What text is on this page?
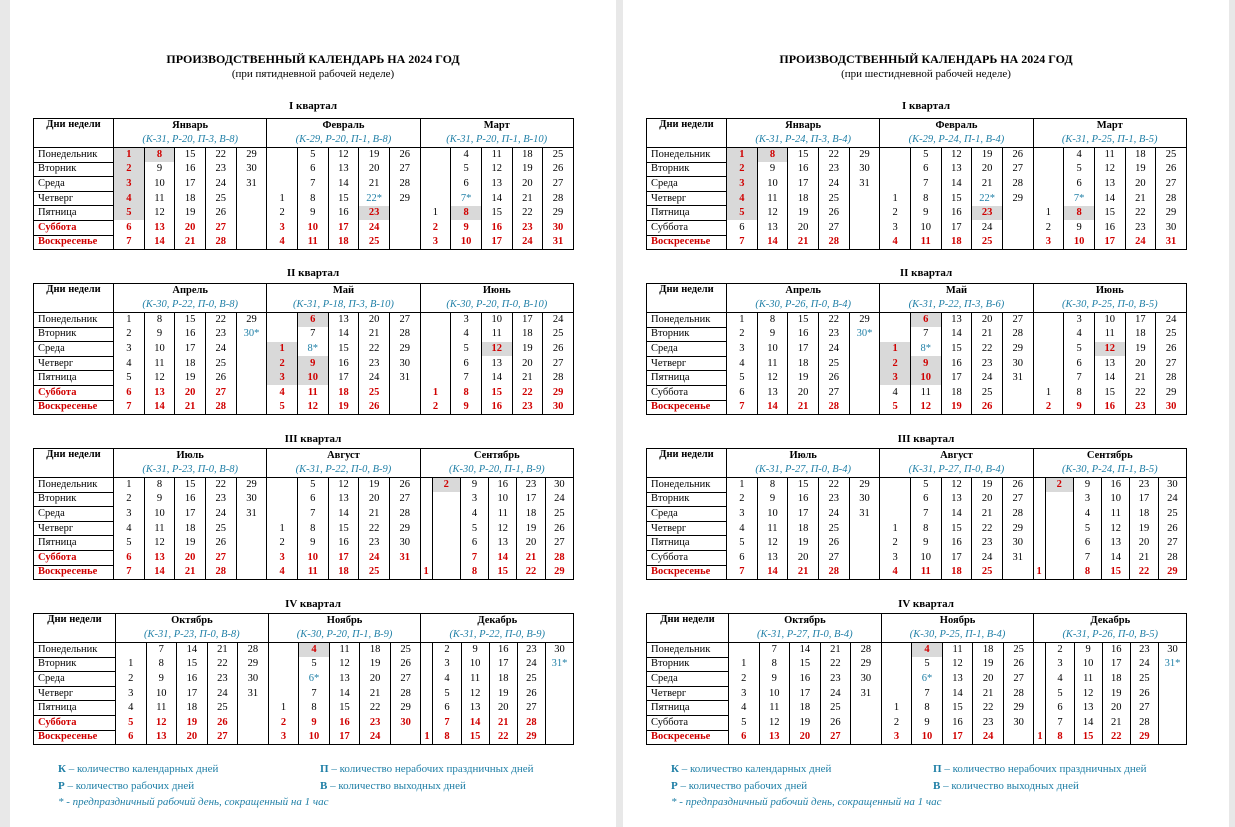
ПРОИЗВОДСТВЕННЫЙ КАЛЕНДАРЬ НА 2024 ГОД
(при пятидневной рабочей неделе)
I квартал
Дни недели	Январь					Февраль					Март				
	(К-31, Р-20, П-3, В-8)					(К-29, Р-20, П-1, В-8)					(К-31, Р-20, П-1, В-10)				
Понедельник	1	8	15	22	29		5	12	19	26		4	11	18	25
Вторник	2	9	16	23	30		6	13	20	27		5	12	19	26
Среда	3	10	17	24	31		7	14	21	28		6	13	20	27
Четверг	4	11	18	25		1	8	15	22*	29		7*	14	21	28
Пятница	5	12	19	26		2	9	16	23		1	8	15	22	29
Суббота	6	13	20	27		3	10	17	24		2	9	16	23	30
Воскресенье	7	14	21	28		4	11	18	25		3	10	17	24	31
II квартал
Дни недели	Апрель					Май					Июнь				
	(К-30, Р-22, П-0, В-8)					(К-31, Р-18, П-3, В-10)					(К-30, Р-20, П-0, В-10)				
Понедельник	1	8	15	22	29		6	13	20	27		3	10	17	24
Вторник	2	9	16	23	30*		7	14	21	28		4	11	18	25
Среда	3	10	17	24		1	8*	15	22	29		5	12	19	26
Четверг	4	11	18	25		2	9	16	23	30		6	13	20	27
Пятница	5	12	19	26		3	10	17	24	31		7	14	21	28
Суббота	6	13	20	27		4	11	18	25		1	8	15	22	29
Воскресенье	7	14	21	28		5	12	19	26		2	9	16	23	30
III квартал
Дни недели	Июль					Август					Сентябрь					
	(К-31, Р-23, П-0, В-8)					(К-31, Р-22, П-0, В-9)					(К-30, Р-20, П-1, В-9)					
Понедельник	1	8	15	22	29		5	12	19	26		2	9	16	23	30
Вторник	2	9	16	23	30		6	13	20	27			3	10	17	24
Среда	3	10	17	24	31		7	14	21	28			4	11	18	25
Четверг	4	11	18	25		1	8	15	22	29			5	12	19	26
Пятница	5	12	19	26		2	9	16	23	30			6	13	20	27
Суббота	6	13	20	27		3	10	17	24	31			7	14	21	28
Воскресенье	7	14	21	28		4	11	18	25		1		8	15	22	29
IV квартал
Дни недели	Октябрь					Ноябрь					Декабрь					
	(К-31, Р-23, П-0, В-8)					(К-30, Р-20, П-1, В-9)					(К-31, Р-22, П-0, В-9)					
Понедельник		7	14	21	28		4	11	18	25		2	9	16	23	30
Вторник	1	8	15	22	29		5	12	19	26		3	10	17	24	31*
Среда	2	9	16	23	30		6*	13	20	27		4	11	18	25	
Четверг	3	10	17	24	31		7	14	21	28		5	12	19	26	
Пятница	4	11	18	25		1	8	15	22	29		6	13	20	27	
Суббота	5	12	19	26		2	9	16	23	30		7	14	21	28	
Воскресенье	6	13	20	27		3	10	17	24		1	8	15	22	29	
К – количество календарных дней
Р – количество рабочих дней
П – количество нерабочих праздничных дней
В – количество выходных дней
* - предпраздничный рабочий день, сокращенный на 1 час
ПРОИЗВОДСТВЕННЫЙ КАЛЕНДАРЬ НА 2024 ГОД
(при шестидневной рабочей неделе)
I квартал
Дни недели	Январь					Февраль					Март				
	(К-31, Р-24, П-3, В-4)					(К-29, Р-24, П-1, В-4)					(К-31, Р-25, П-1, В-5)				
Понедельник	1	8	15	22	29		5	12	19	26		4	11	18	25
Вторник	2	9	16	23	30		6	13	20	27		5	12	19	26
Среда	3	10	17	24	31		7	14	21	28		6	13	20	27
Четверг	4	11	18	25		1	8	15	22*	29		7*	14	21	28
Пятница	5	12	19	26		2	9	16	23		1	8	15	22	29
Суббота	6	13	20	27		3	10	17	24		2	9	16	23	30
Воскресенье	7	14	21	28		4	11	18	25		3	10	17	24	31
II квартал
Дни недели	Апрель					Май					Июнь				
	(К-30, Р-26, П-0, В-4)					(К-31, Р-22, П-3, В-6)					(К-30, Р-25, П-0, В-5)				
Понедельник	1	8	15	22	29		6	13	20	27		3	10	17	24
Вторник	2	9	16	23	30*		7	14	21	28		4	11	18	25
Среда	3	10	17	24		1	8*	15	22	29		5	12	19	26
Четверг	4	11	18	25		2	9	16	23	30		6	13	20	27
Пятница	5	12	19	26		3	10	17	24	31		7	14	21	28
Суббота	6	13	20	27		4	11	18	25		1	8	15	22	29
Воскресенье	7	14	21	28		5	12	19	26		2	9	16	23	30
III квартал
Дни недели	Июль					Август					Сентябрь					
	(К-31, Р-27, П-0, В-4)					(К-31, Р-27, П-0, В-4)					(К-30, Р-24, П-1, В-5)					
Понедельник	1	8	15	22	29		5	12	19	26		2	9	16	23	30
Вторник	2	9	16	23	30		6	13	20	27			3	10	17	24
Среда	3	10	17	24	31		7	14	21	28			4	11	18	25
Четверг	4	11	18	25		1	8	15	22	29			5	12	19	26
Пятница	5	12	19	26		2	9	16	23	30			6	13	20	27
Суббота	6	13	20	27		3	10	17	24	31			7	14	21	28
Воскресенье	7	14	21	28		4	11	18	25		1		8	15	22	29
IV квартал
Дни недели	Октябрь					Ноябрь					Декабрь					
	(К-31, Р-27, П-0, В-4)					(К-30, Р-25, П-1, В-4)					(К-31, Р-26, П-0, В-5)					
Понедельник		7	14	21	28		4	11	18	25		2	9	16	23	30
Вторник	1	8	15	22	29		5	12	19	26		3	10	17	24	31*
Среда	2	9	16	23	30		6*	13	20	27		4	11	18	25	
Четверг	3	10	17	24	31		7	14	21	28		5	12	19	26	
Пятница	4	11	18	25		1	8	15	22	29		6	13	20	27	
Суббота	5	12	19	26		2	9	16	23	30		7	14	21	28	
Воскресенье	6	13	20	27		3	10	17	24		1	8	15	22	29	
К – количество календарных дней
Р – количество рабочих дней
П – количество нерабочих праздничных дней
В – количество выходных дней
* - предпраздничный рабочий день, сокращенный на 1 час
